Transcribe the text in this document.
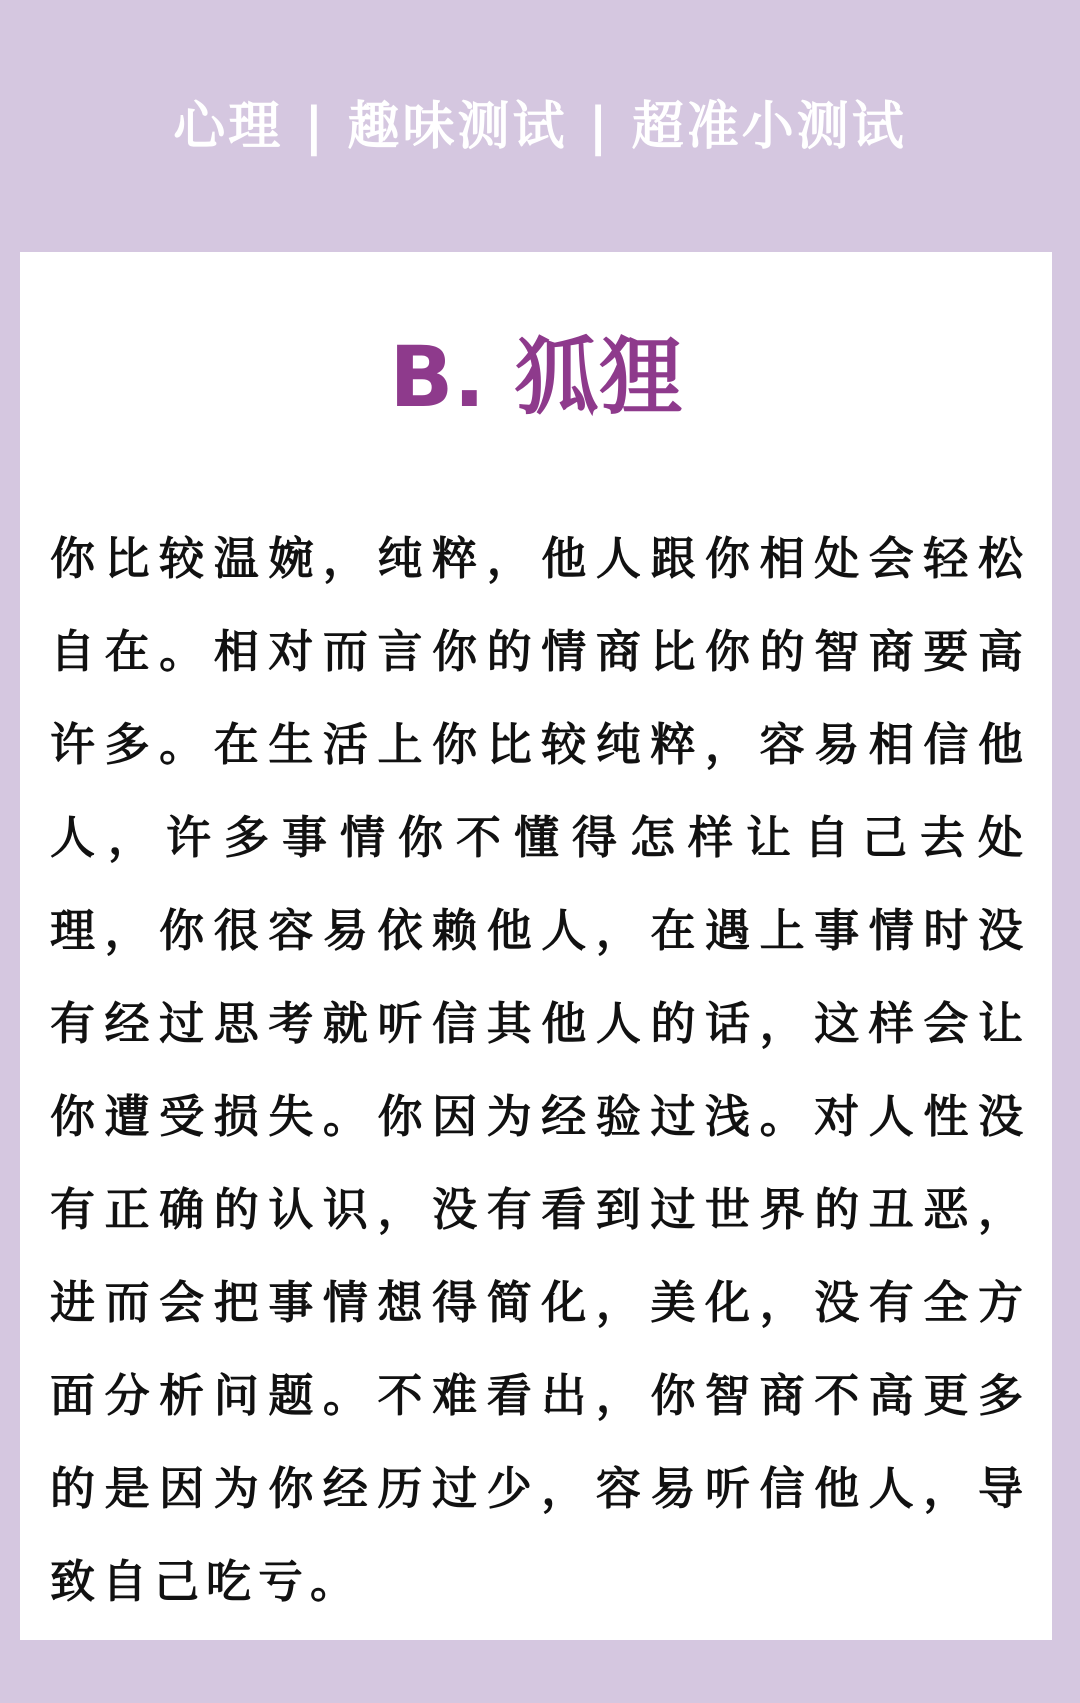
心理 | 趣味测试 | 超准小测试
B. 狐狸

你比较温婉，纯粹，他人跟你相处会轻松自在。相对而言你的情商比你的智商要高许多。在生活上你比较纯粹，容易相信他人，许多事情你不懂得怎样让自己去处理，你很容易依赖他人，在遇上事情时没有经过思考就听信其他人的话，这样会让你遭受损失。你因为经验过浅。对人性没有正确的认识，没有看到过世界的丑恶，进而会把事情想得简化，美化，没有全方面分析问题。不难看出，你智商不高更多的是因为你经历过少，容易听信他人，导致自己吃亏。
